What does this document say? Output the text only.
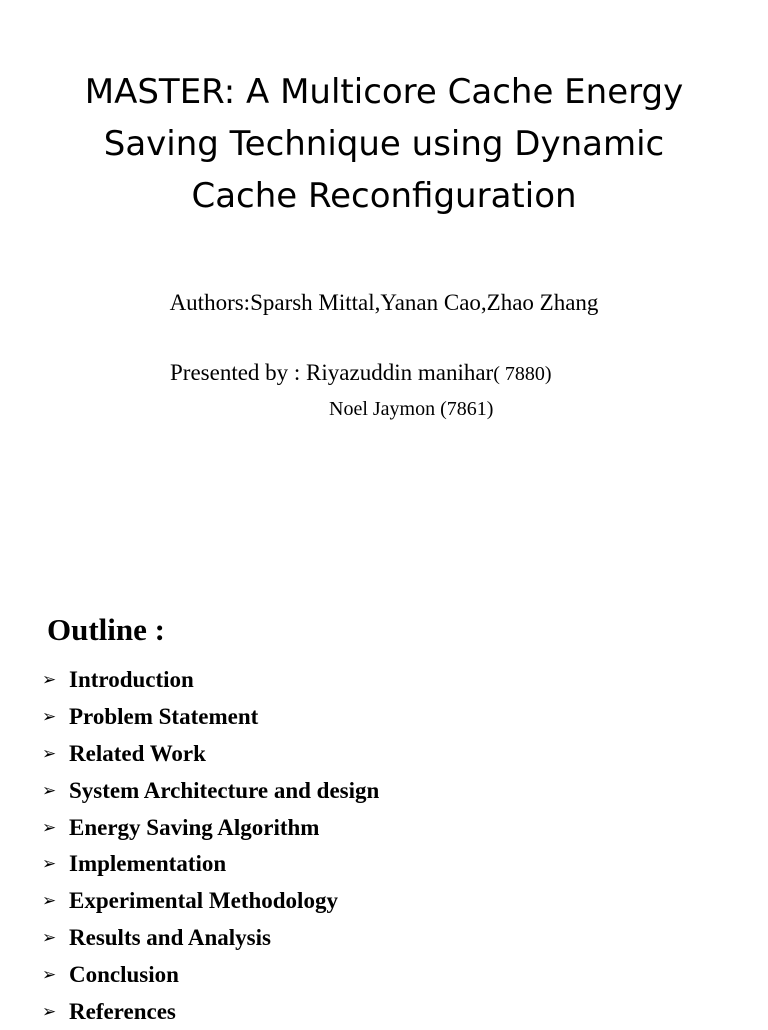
MASTER: A Multicore Cache Energy
Saving Technique using Dynamic
Cache Reconfiguration
Authors:Sparsh Mittal,Yanan Cao,Zhao Zhang
Presented by : Riyazuddin manihar( 7880)
Noel Jaymon (7861)
Outline :
➢ Introduction
➢ Problem Statement
➢ Related Work
➢ System Architecture and design
➢ Energy Saving Algorithm
➢ Implementation
➢ Experimental Methodology
➢ Results and Analysis
➢ Conclusion
➢ References
